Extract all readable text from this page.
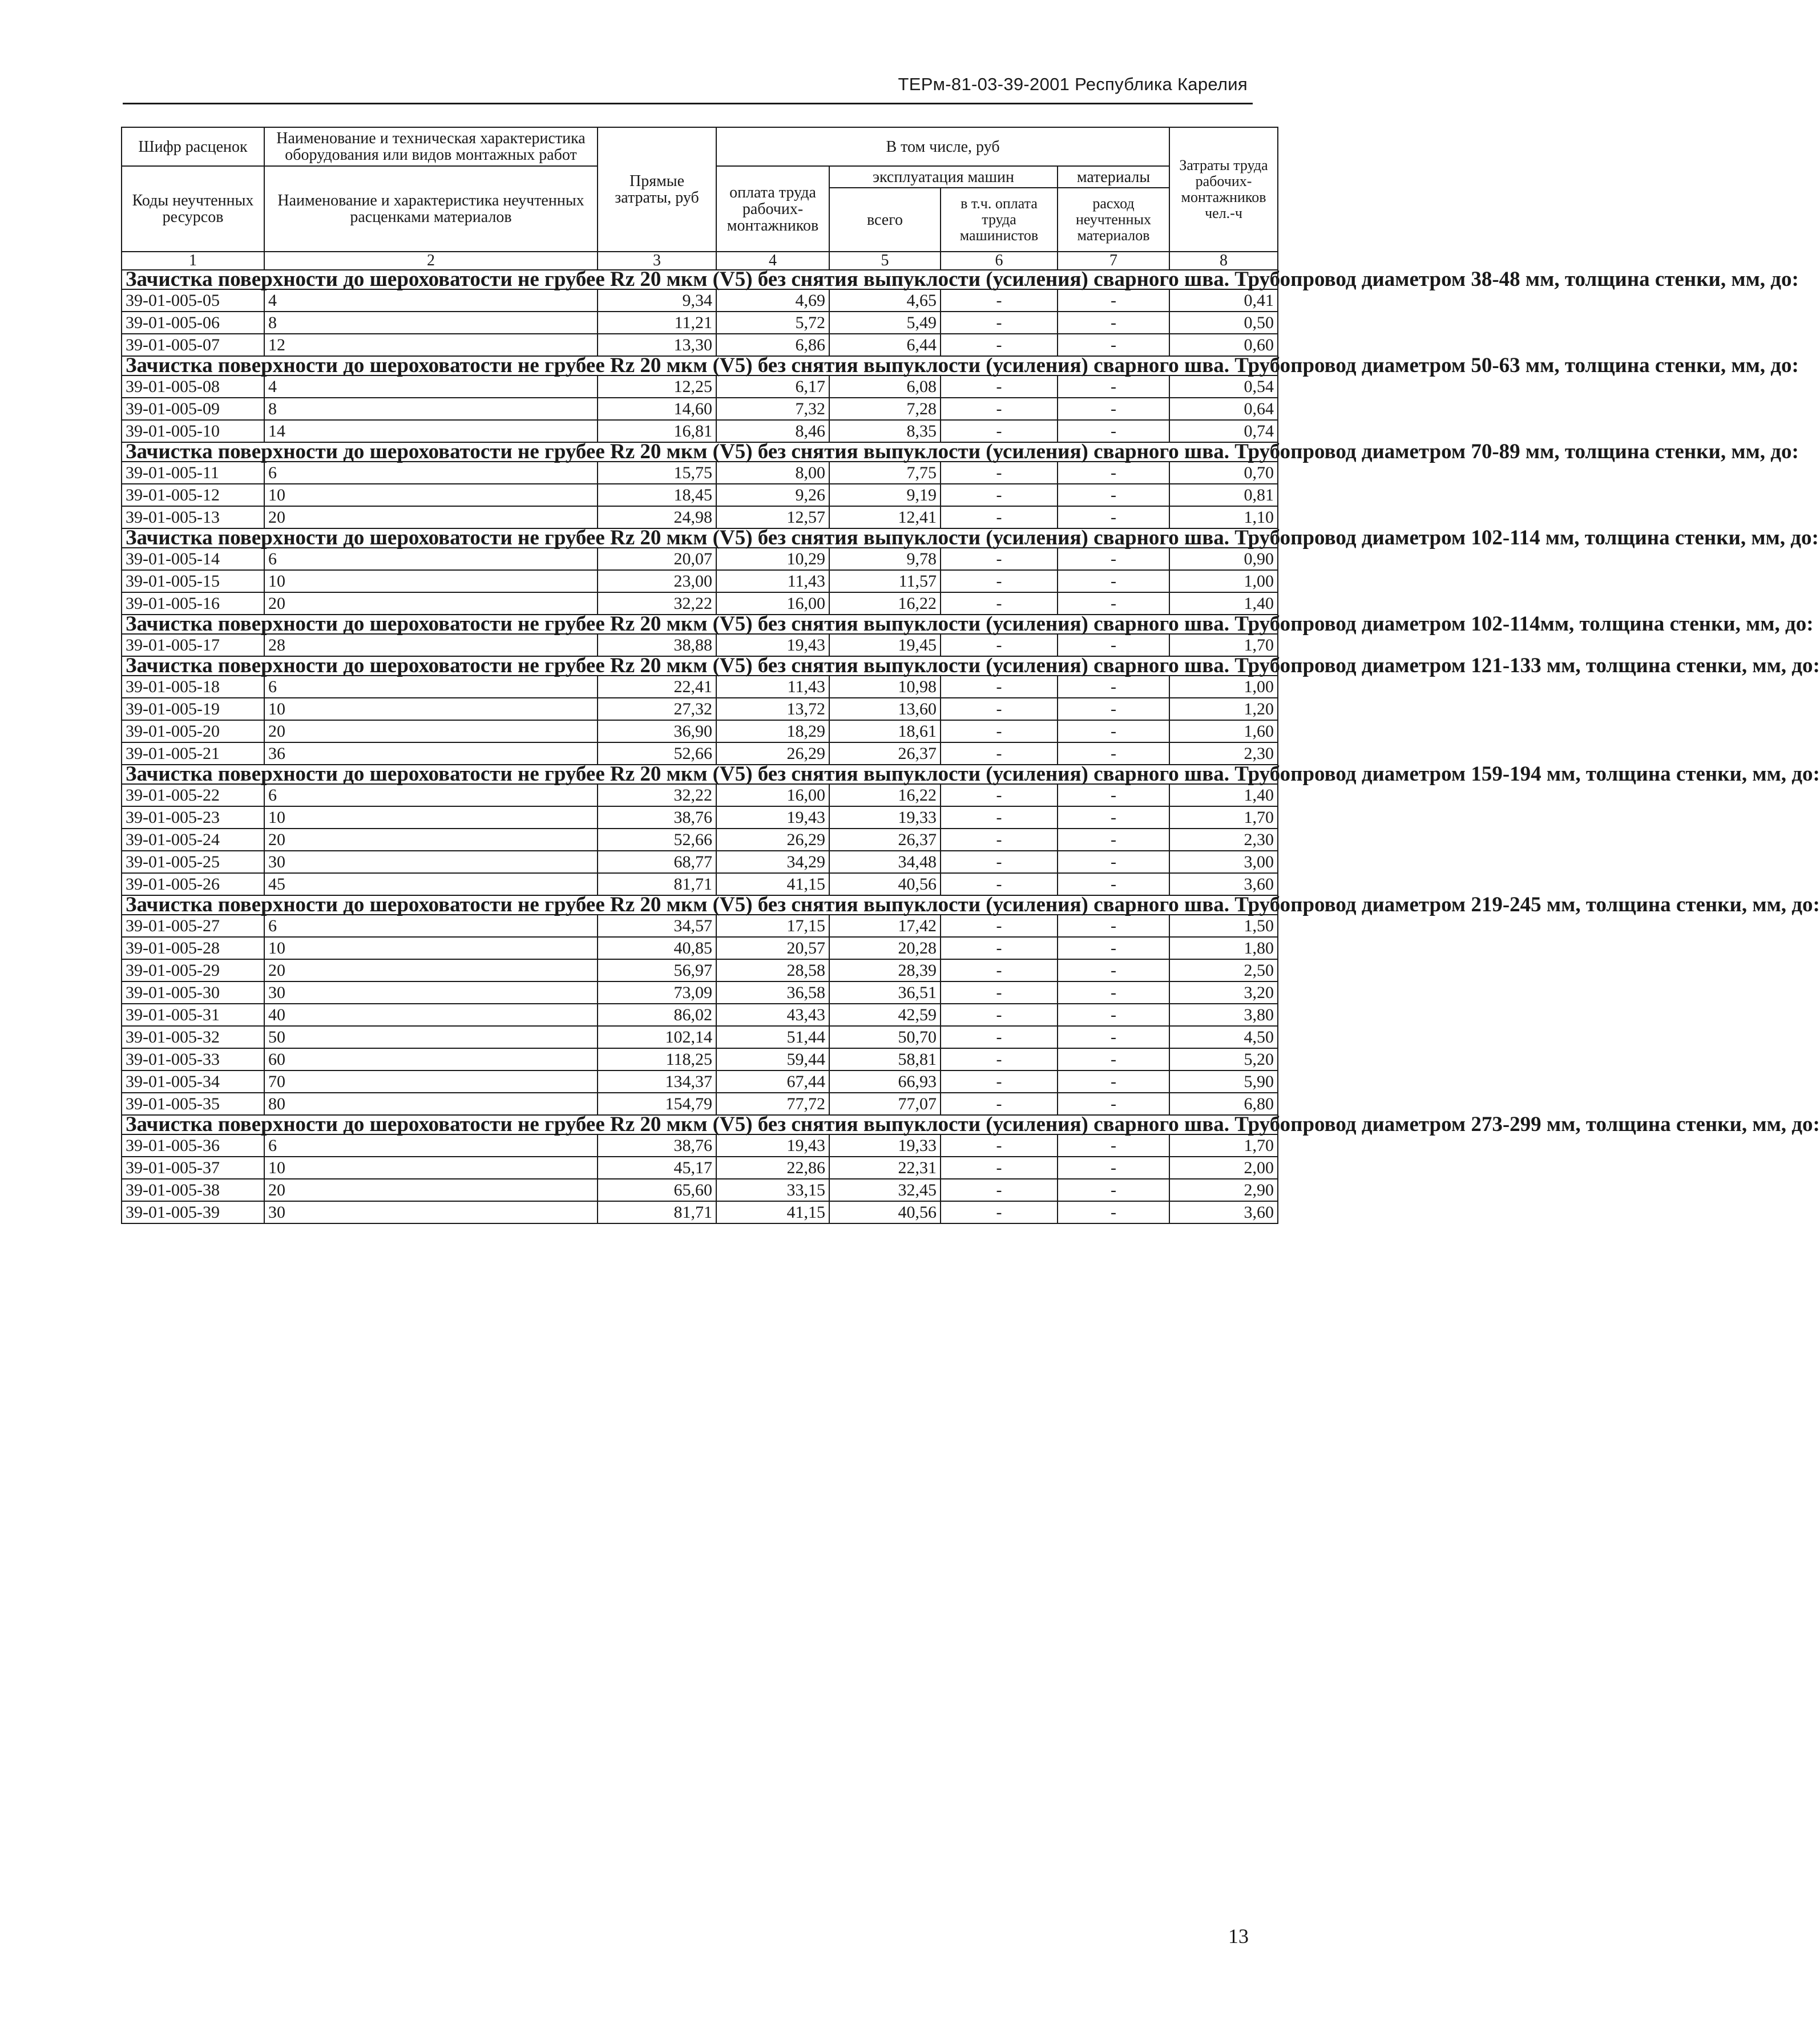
ТЕРм-81-03-39-2001 Республика Карелия
Шифр расценок	Наименование и техническая характеристика оборудования или видов монтажных работ	Прямые затраты, руб	В том числе, руб				Затраты труда рабочих-монтажников чел.-ч
Коды неучтенных ресурсов	Наименование и характеристика неучтенных расценками материалов		оплата труда рабочих-монтажников	эксплуатация машин		материалы	
				всего	в т.ч. оплата труда машинистов	расход неучтенных материалов	
1	2	3	4	5	6	7	8
Зачистка поверхности до шероховатости не грубее Rz 20 мкм (V5) без снятия выпуклости (усиления) сварного шва. Трубопровод диаметром 38-48 мм, толщина стенки, мм, до:							
39-01-005-05	4	9,34	4,69	4,65	-	-	0,41
39-01-005-06	8	11,21	5,72	5,49	-	-	0,50
39-01-005-07	12	13,30	6,86	6,44	-	-	0,60
Зачистка поверхности до шероховатости не грубее Rz 20 мкм (V5) без снятия выпуклости (усиления) сварного шва. Трубопровод диаметром 50-63 мм, толщина стенки, мм, до:							
39-01-005-08	4	12,25	6,17	6,08	-	-	0,54
39-01-005-09	8	14,60	7,32	7,28	-	-	0,64
39-01-005-10	14	16,81	8,46	8,35	-	-	0,74
Зачистка поверхности до шероховатости не грубее Rz 20 мкм (V5) без снятия выпуклости (усиления) сварного шва. Трубопровод диаметром 70-89 мм, толщина стенки, мм, до:							
39-01-005-11	6	15,75	8,00	7,75	-	-	0,70
39-01-005-12	10	18,45	9,26	9,19	-	-	0,81
39-01-005-13	20	24,98	12,57	12,41	-	-	1,10
Зачистка поверхности до шероховатости не грубее Rz 20 мкм (V5) без снятия выпуклости (усиления) сварного шва. Трубопровод диаметром 102-114 мм, толщина стенки, мм, до:							
39-01-005-14	6	20,07	10,29	9,78	-	-	0,90
39-01-005-15	10	23,00	11,43	11,57	-	-	1,00
39-01-005-16	20	32,22	16,00	16,22	-	-	1,40
Зачистка поверхности до шероховатости не грубее Rz 20 мкм (V5) без снятия выпуклости (усиления) сварного шва. Трубопровод диаметром 102-114мм, толщина стенки, мм, до:							
39-01-005-17	28	38,88	19,43	19,45	-	-	1,70
Зачистка поверхности до шероховатости не грубее Rz 20 мкм (V5) без снятия выпуклости (усиления) сварного шва. Трубопровод диаметром 121-133 мм, толщина стенки, мм, до:							
39-01-005-18	6	22,41	11,43	10,98	-	-	1,00
39-01-005-19	10	27,32	13,72	13,60	-	-	1,20
39-01-005-20	20	36,90	18,29	18,61	-	-	1,60
39-01-005-21	36	52,66	26,29	26,37	-	-	2,30
Зачистка поверхности до шероховатости не грубее Rz 20 мкм (V5) без снятия выпуклости (усиления) сварного шва. Трубопровод диаметром 159-194 мм, толщина стенки, мм, до:							
39-01-005-22	6	32,22	16,00	16,22	-	-	1,40
39-01-005-23	10	38,76	19,43	19,33	-	-	1,70
39-01-005-24	20	52,66	26,29	26,37	-	-	2,30
39-01-005-25	30	68,77	34,29	34,48	-	-	3,00
39-01-005-26	45	81,71	41,15	40,56	-	-	3,60
Зачистка поверхности до шероховатости не грубее Rz 20 мкм (V5) без снятия выпуклости (усиления) сварного шва. Трубопровод диаметром 219-245 мм, толщина стенки, мм, до:							
39-01-005-27	6	34,57	17,15	17,42	-	-	1,50
39-01-005-28	10	40,85	20,57	20,28	-	-	1,80
39-01-005-29	20	56,97	28,58	28,39	-	-	2,50
39-01-005-30	30	73,09	36,58	36,51	-	-	3,20
39-01-005-31	40	86,02	43,43	42,59	-	-	3,80
39-01-005-32	50	102,14	51,44	50,70	-	-	4,50
39-01-005-33	60	118,25	59,44	58,81	-	-	5,20
39-01-005-34	70	134,37	67,44	66,93	-	-	5,90
39-01-005-35	80	154,79	77,72	77,07	-	-	6,80
Зачистка поверхности до шероховатости не грубее Rz 20 мкм (V5) без снятия выпуклости (усиления) сварного шва. Трубопровод диаметром 273-299 мм, толщина стенки, мм, до:							
39-01-005-36	6	38,76	19,43	19,33	-	-	1,70
39-01-005-37	10	45,17	22,86	22,31	-	-	2,00
39-01-005-38	20	65,60	33,15	32,45	-	-	2,90
39-01-005-39	30	81,71	41,15	40,56	-	-	3,60
13
